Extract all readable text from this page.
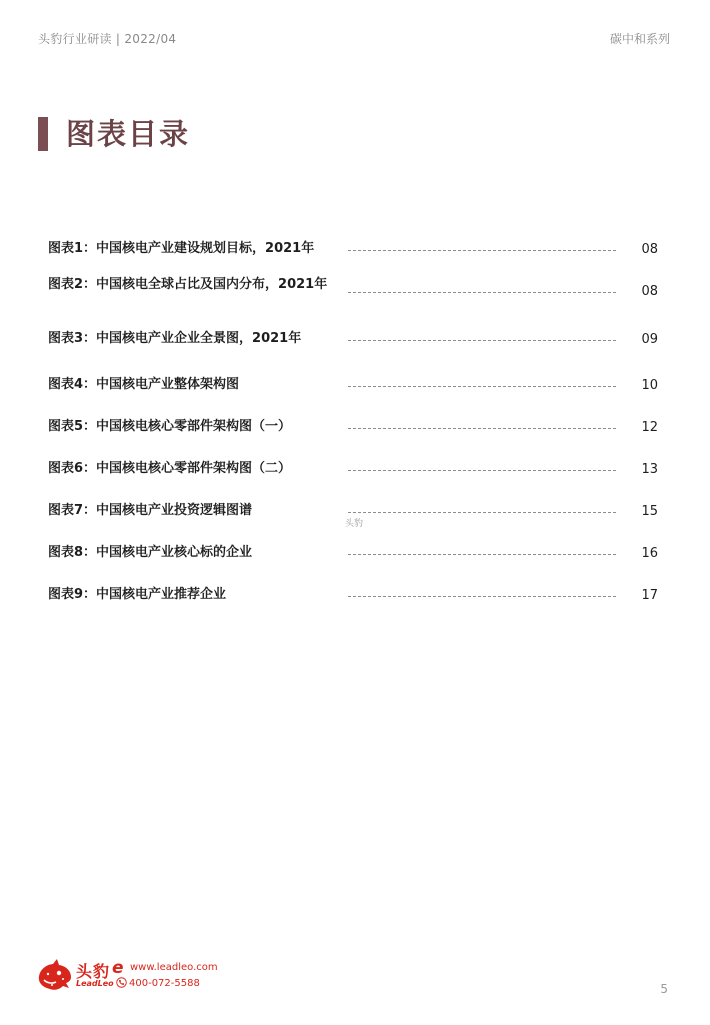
头豹行业研读 | 2022/04	碳中和系列
图表目录
图表1：中国核电产业建设规划目标，2021年	08
图表2：中国核电全球占比及国内分布，2021年	08
图表3：中国核电产业企业全景图，2021年	09
图表4：中国核电产业整体架构图	10
图表5：中国核电核心零部件架构图（一）	12
图表6：中国核电核心零部件架构图（二）	13
图表7：中国核电产业投资逻辑图谱	15
图表8：中国核电产业核心标的企业	16
图表9：中国核电产业推荐企业	17
头豹
头豹 e
LeadLeo
www.leadleo.com
400-072-5588	5
